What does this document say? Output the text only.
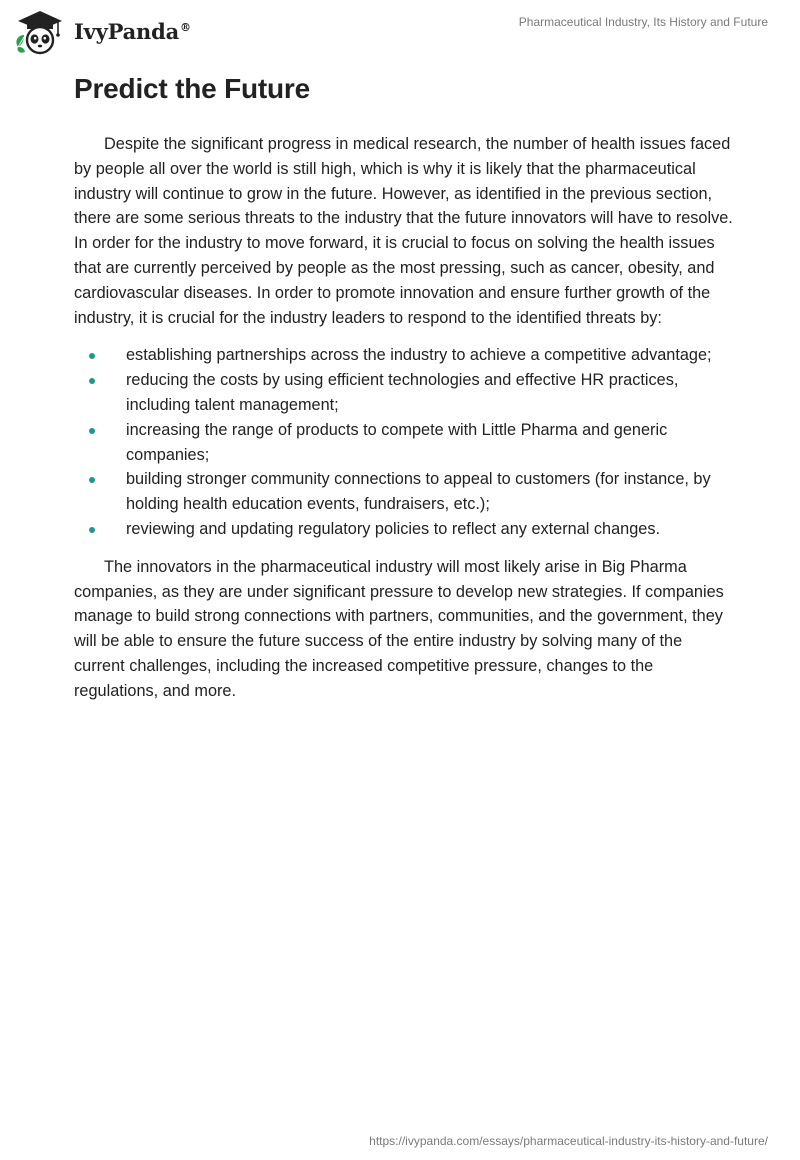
IvyPanda®	Pharmaceutical Industry, Its History and Future
Predict the Future

Despite the significant progress in medical research, the number of health issues faced by people all over the world is still high, which is why it is likely that the pharmaceutical industry will continue to grow in the future. However, as identified in the previous section, there are some serious threats to the industry that the future innovators will have to resolve. In order for the industry to move forward, it is crucial to focus on solving the health issues that are currently perceived by people as the most pressing, such as cancer, obesity, and cardiovascular diseases. In order to promote innovation and ensure further growth of the industry, it is crucial for the industry leaders to respond to the identified threats by:

establishing partnerships across the industry to achieve a competitive advantage;
reducing the costs by using efficient technologies and effective HR practices, including talent management;
increasing the range of products to compete with Little Pharma and generic companies;
building stronger community connections to appeal to customers (for instance, by holding health education events, fundraisers, etc.);
reviewing and updating regulatory policies to reflect any external changes.

The innovators in the pharmaceutical industry will most likely arise in Big Pharma companies, as they are under significant pressure to develop new strategies. If companies manage to build strong connections with partners, communities, and the government, they will be able to ensure the future success of the entire industry by solving many of the current challenges, including the increased competitive pressure, changes to the regulations, and more.

https://ivypanda.com/essays/pharmaceutical-industry-its-history-and-future/
